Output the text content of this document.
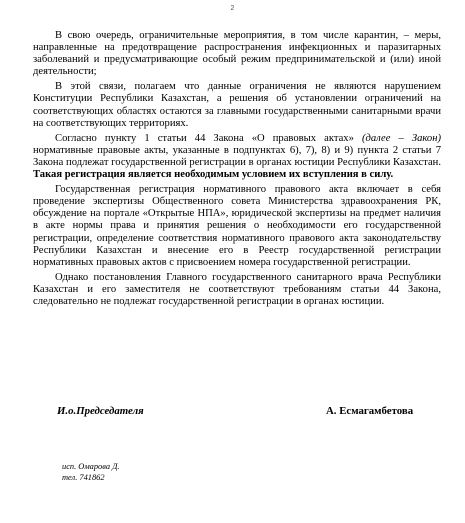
2

В свою очередь, ограничительные мероприятия, в том числе карантин, – меры, направленные на предотвращение распространения инфекционных и паразитарных заболеваний и предусматривающие особый режим предпринимательской и (или) иной деятельности;

В этой связи, полагаем что данные ограничения не являются нарушением Конституции Республики Казахстан, а решения об установлении ограничений на соответствующих областях остаются за главными государственными санитарными врачи на соответствующих территориях.

Согласно пункту 1 статьи 44 Закона «О правовых актах» (далее – Закон) нормативные правовые акты, указанные в подпунктах 6), 7), 8) и 9) пункта 2 статьи 7 Закона подлежат государственной регистрации в органах юстиции Республики Казахстан. Такая регистрация является необходимым условием их вступления в силу.

Государственная регистрация нормативного правового акта включает в себя проведение экспертизы Общественного совета Министерства здравоохранения РК, обсуждение на портале «Открытые НПА», юридической экспертизы на предмет наличия в акте нормы права и принятия решения о необходимости его государственной регистрации, определение соответствия нормативного правового акта законодательству Республики Казахстан и внесение его в Реестр государственной регистрации нормативных правовых актов с присвоением номера государственной регистрации.

Однако постановления Главного государственного санитарного врача Республики Казахстан и его заместителя не соответствуют требованиям статьи 44 Закона, следовательно не подлежат государственной регистрации в органах юстиции.

И.о.Председателя	А. Есмагамбетова
исп. Омарова Д.
тел. 741862
